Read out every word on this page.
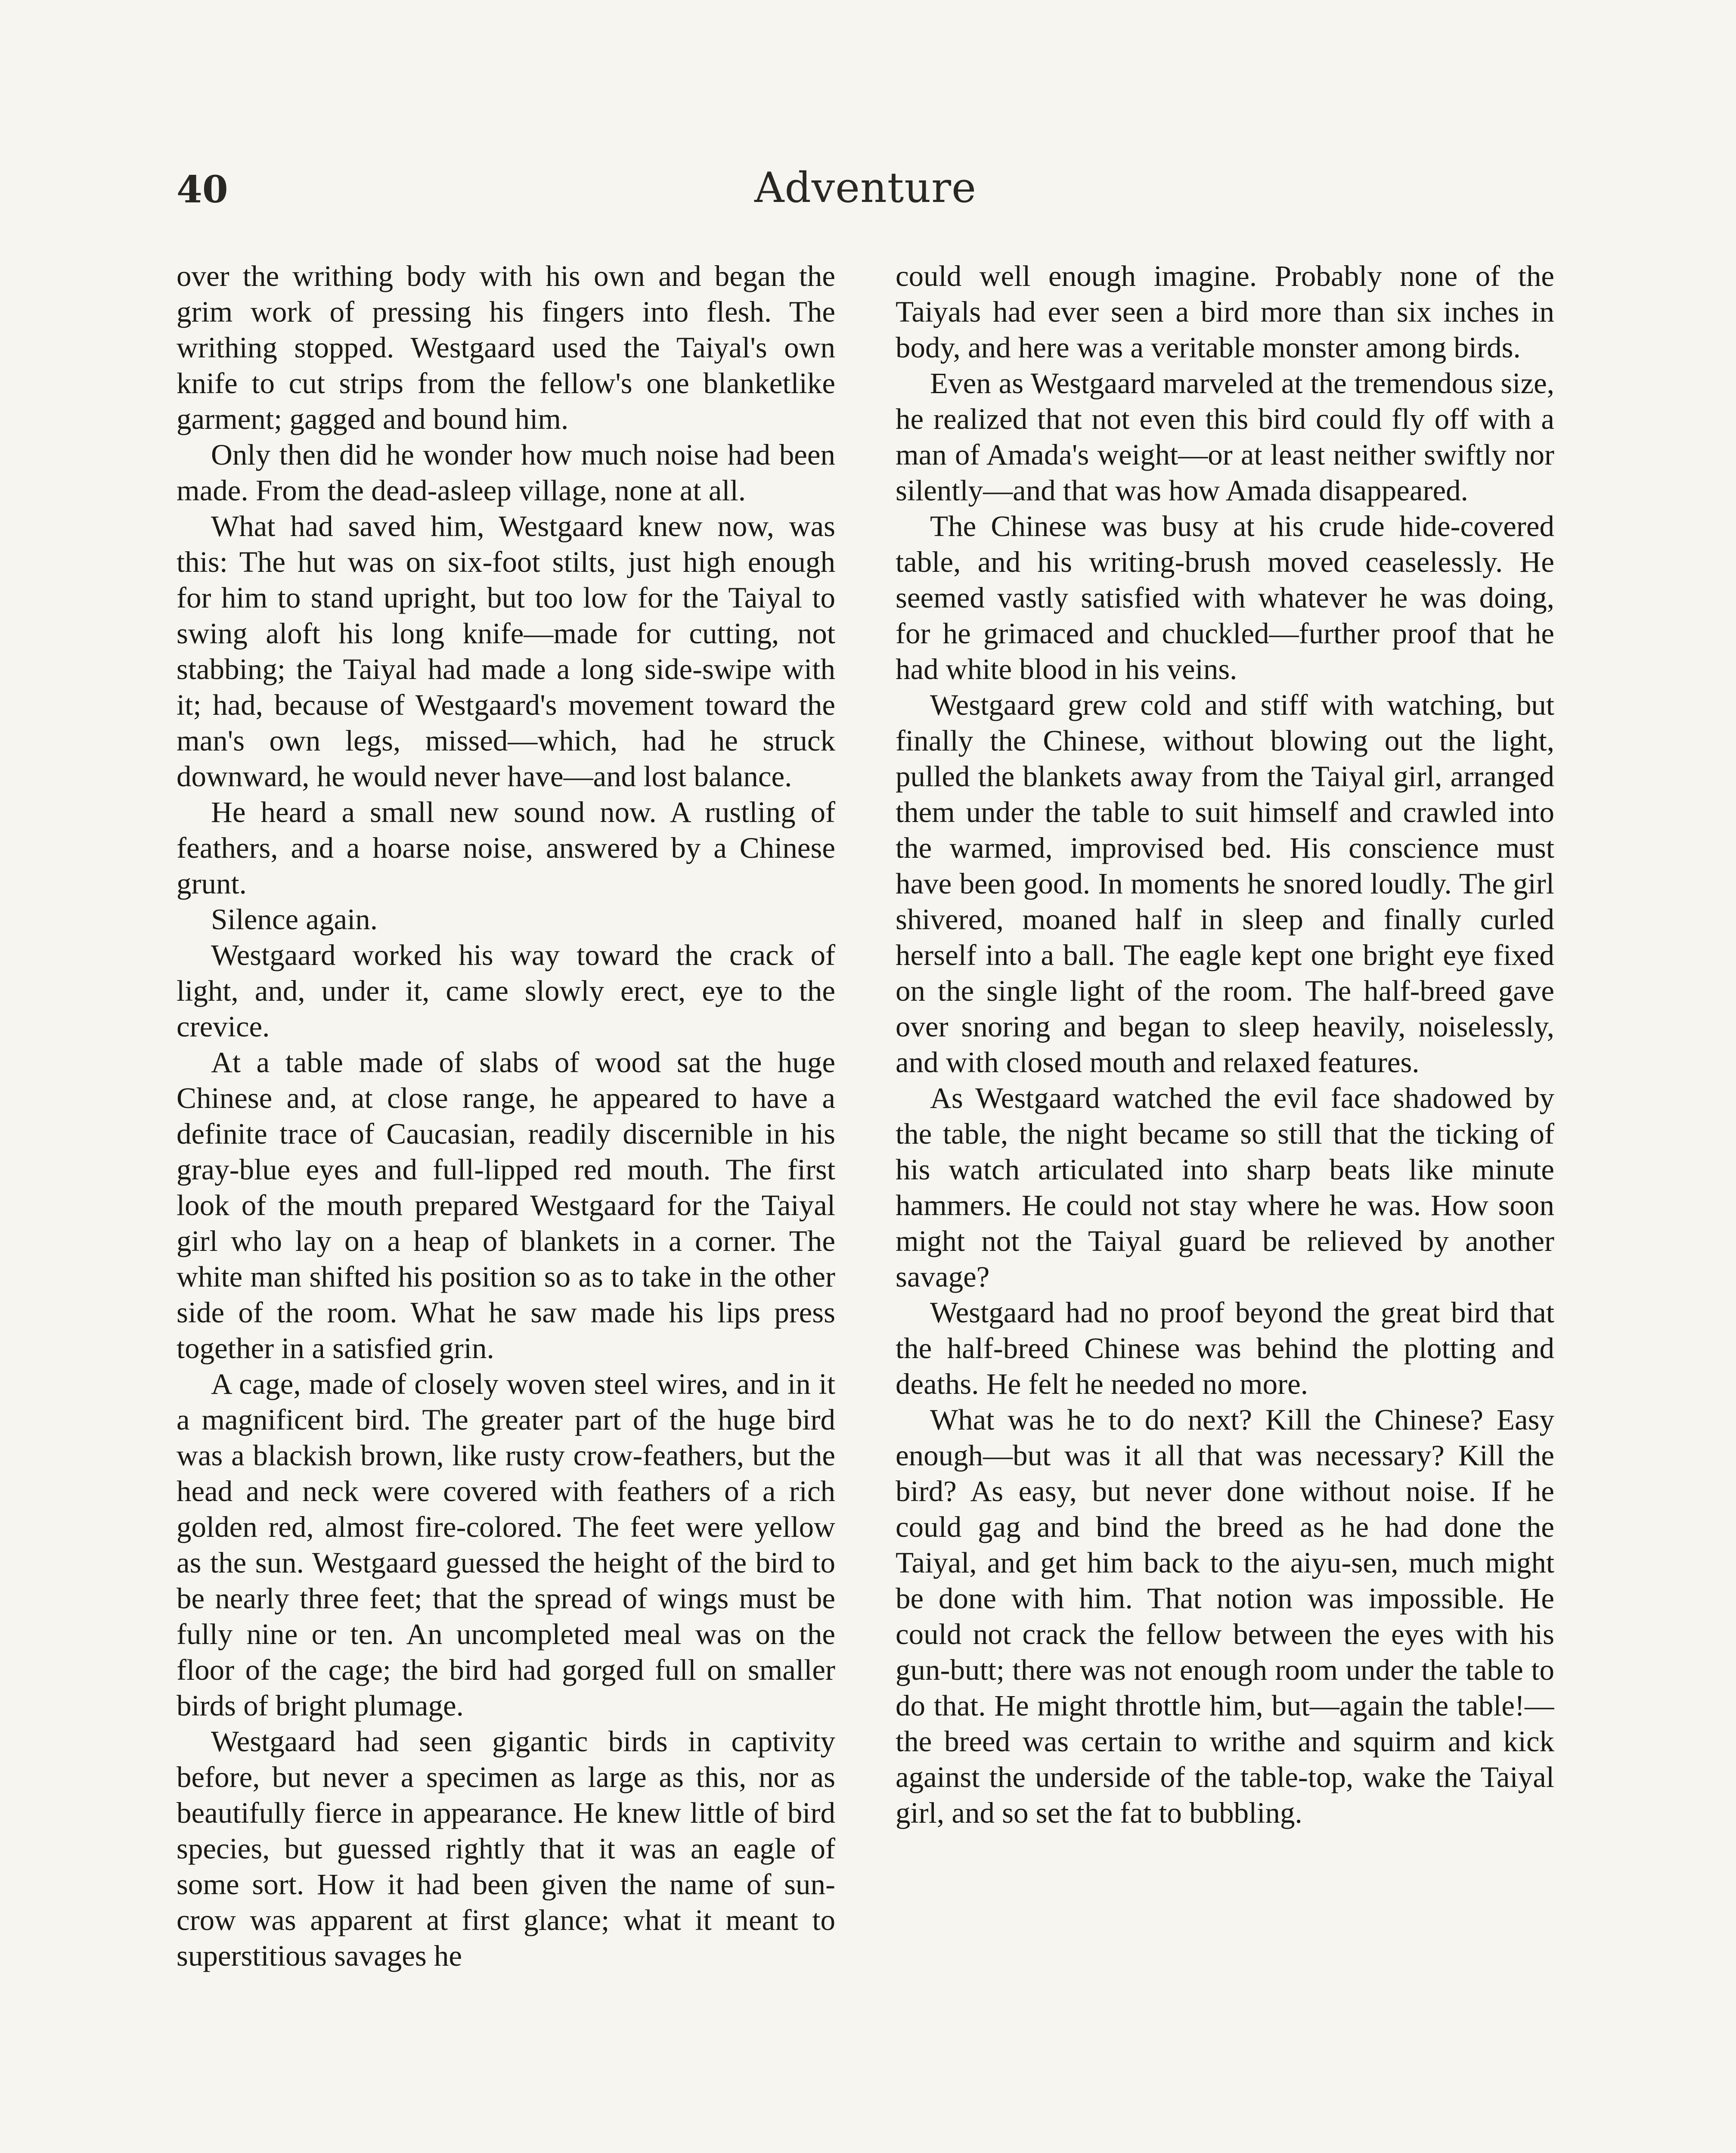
40	Adventure

over the writhing body with his own and began the grim work of pressing his fingers into flesh. The writhing stopped. Westgaard used the Taiyal's own knife to cut strips from the fellow's one blanketlike garment; gagged and bound him.

Only then did he wonder how much noise had been made. From the dead-asleep village, none at all.

What had saved him, Westgaard knew now, was this: The hut was on six-foot stilts, just high enough for him to stand upright, but too low for the Taiyal to swing aloft his long knife—made for cutting, not stabbing; the Taiyal had made a long side-swipe with it; had, because of Westgaard's movement toward the man's own legs, missed—which, had he struck downward, he would never have—and lost balance.

He heard a small new sound now. A rustling of feathers, and a hoarse noise, answered by a Chinese grunt.

Silence again.

Westgaard worked his way toward the crack of light, and, under it, came slowly erect, eye to the crevice.

At a table made of slabs of wood sat the huge Chinese and, at close range, he appeared to have a definite trace of Caucasian, readily discernible in his gray-blue eyes and full-lipped red mouth. The first look of the mouth prepared Westgaard for the Taiyal girl who lay on a heap of blankets in a corner. The white man shifted his position so as to take in the other side of the room. What he saw made his lips press together in a satisfied grin.

A cage, made of closely woven steel wires, and in it a magnificent bird. The greater part of the huge bird was a blackish brown, like rusty crow-feathers, but the head and neck were covered with feathers of a rich golden red, almost fire-colored. The feet were yellow as the sun. Westgaard guessed the height of the bird to be nearly three feet; that the spread of wings must be fully nine or ten. An uncompleted meal was on the floor of the cage; the bird had gorged full on smaller birds of bright plumage.

Westgaard had seen gigantic birds in captivity before, but never a specimen as large as this, nor as beautifully fierce in appearance. He knew little of bird species, but guessed rightly that it was an eagle of some sort. How it had been given the name of sun-crow was apparent at first glance; what it meant to superstitious savages he

could well enough imagine. Probably none of the Taiyals had ever seen a bird more than six inches in body, and here was a veritable monster among birds.

Even as Westgaard marveled at the tremendous size, he realized that not even this bird could fly off with a man of Amada's weight—or at least neither swiftly nor silently—and that was how Amada disappeared.

The Chinese was busy at his crude hide-covered table, and his writing-brush moved ceaselessly. He seemed vastly satisfied with whatever he was doing, for he grimaced and chuckled—further proof that he had white blood in his veins.

Westgaard grew cold and stiff with watching, but finally the Chinese, without blowing out the light, pulled the blankets away from the Taiyal girl, arranged them under the table to suit himself and crawled into the warmed, improvised bed. His conscience must have been good. In moments he snored loudly. The girl shivered, moaned half in sleep and finally curled herself into a ball. The eagle kept one bright eye fixed on the single light of the room. The half-breed gave over snoring and began to sleep heavily, noiselessly, and with closed mouth and relaxed features.

As Westgaard watched the evil face shadowed by the table, the night became so still that the ticking of his watch articulated into sharp beats like minute hammers. He could not stay where he was. How soon might not the Taiyal guard be relieved by another savage?

Westgaard had no proof beyond the great bird that the half-breed Chinese was behind the plotting and deaths. He felt he needed no more.

What was he to do next? Kill the Chinese? Easy enough—but was it all that was necessary? Kill the bird? As easy, but never done without noise. If he could gag and bind the breed as he had done the Taiyal, and get him back to the aiyu-sen, much might be done with him. That notion was impossible. He could not crack the fellow between the eyes with his gun-butt; there was not enough room under the table to do that. He might throttle him, but—again the table!—the breed was certain to writhe and squirm and kick against the underside of the table-top, wake the Taiyal girl, and so set the fat to bubbling.
